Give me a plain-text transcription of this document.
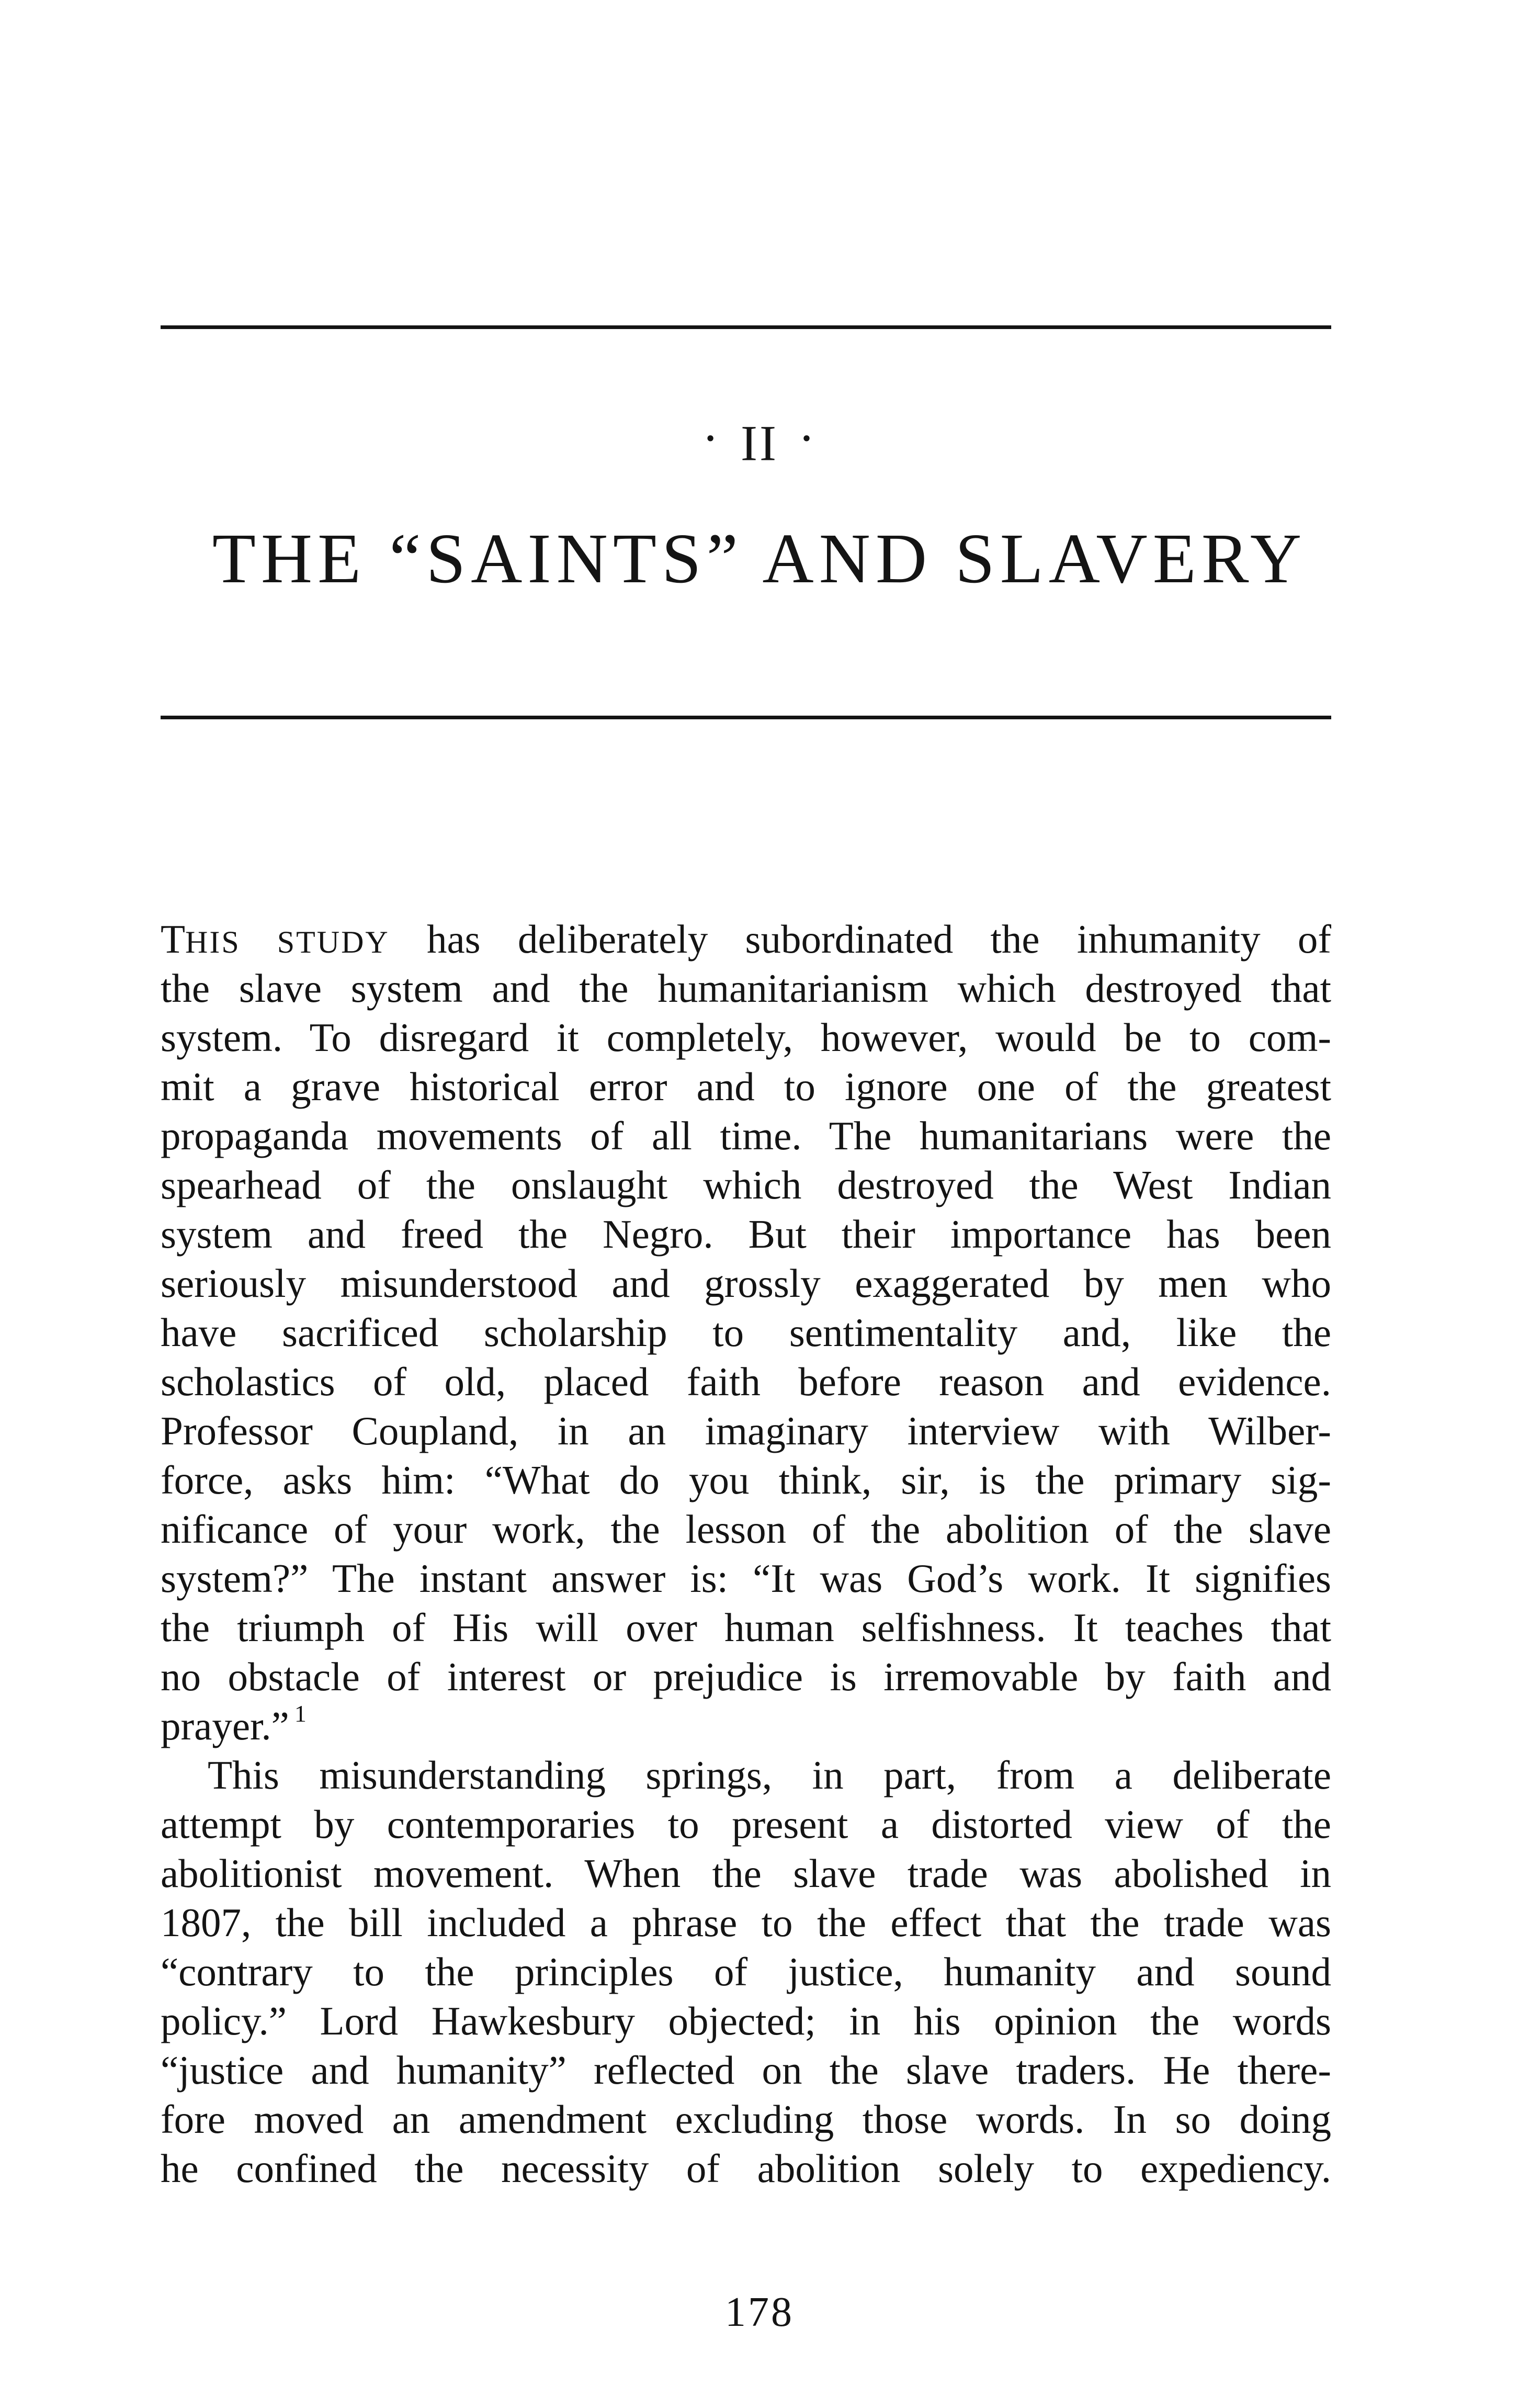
· II ·
THE “SAINTS” AND SLAVERY
THIS STUDY has deliberately subordinated the inhumanity of
the slave system and the humanitarianism which destroyed that
system. To disregard it completely, however, would be to com-
mit a grave historical error and to ignore one of the greatest
propaganda movements of all time. The humanitarians were the
spearhead of the onslaught which destroyed the West Indian
system and freed the Negro. But their importance has been
seriously misunderstood and grossly exaggerated by men who
have sacrificed scholarship to sentimentality and, like the
scholastics of old, placed faith before reason and evidence.
Professor Coupland, in an imaginary interview with Wilber-
force, asks him: “What do you think, sir, is the primary sig-
nificance of your work, the lesson of the abolition of the slave
system?” The instant answer is: “It was God’s work. It signifies
the triumph of His will over human selfishness. It teaches that
no obstacle of interest or prejudice is irremovable by faith and
prayer.” $^1$
This misunderstanding springs, in part, from a deliberate
attempt by contemporaries to present a distorted view of the
abolitionist movement. When the slave trade was abolished in
1807, the bill included a phrase to the effect that the trade was
“contrary to the principles of justice, humanity and sound
policy.” Lord Hawkesbury objected; in his opinion the words
“justice and humanity” reflected on the slave traders. He there-
fore moved an amendment excluding those words. In so doing
he confined the necessity of abolition solely to expediency.
178
